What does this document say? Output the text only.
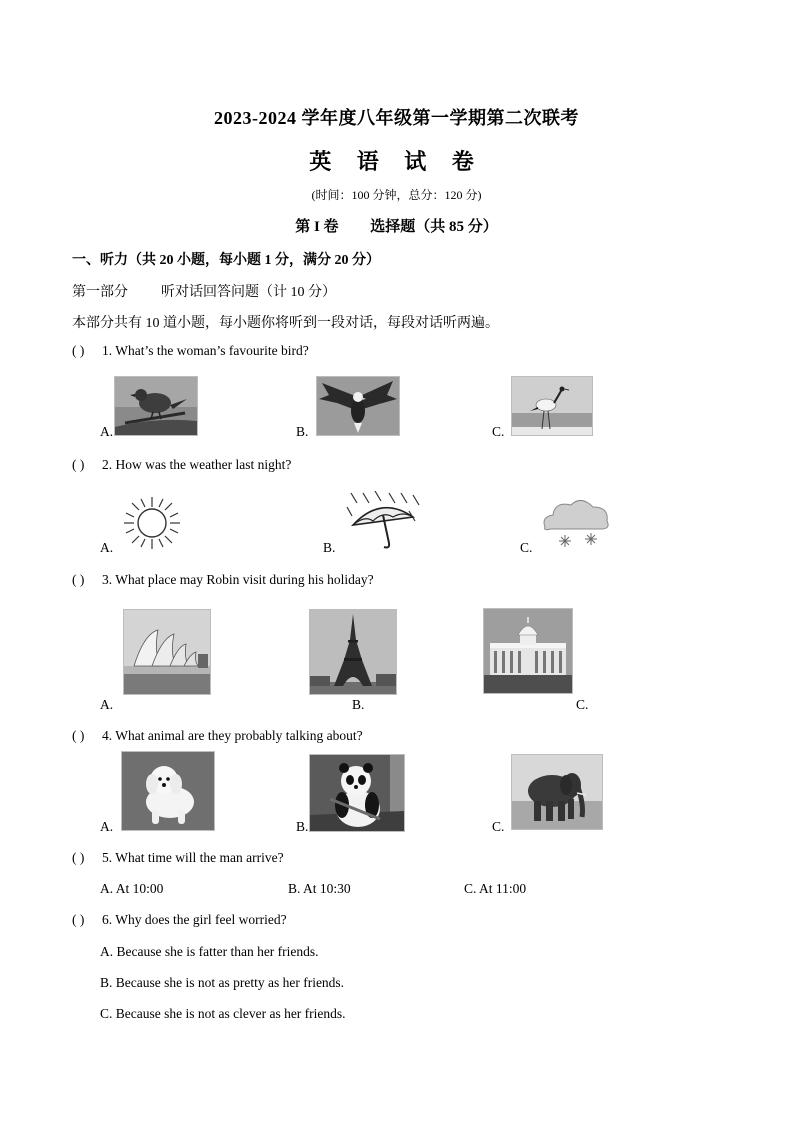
2023-2024 学年度八年级第一学期第二次联考
英 语 试 卷
(时间：100 分钟，总分：120 分)
第 I 卷 选择题（共 85 分）
一、听力（共 20 小题，每小题 1 分，满分 20 分）
第一部分 听对话回答问题（计 10 分）
本部分共有 10 道小题，每小题你将听到一段对话，每段对话听两遍。
( ) 1. What’s the woman’s favourite bird?
A.	B.	C.
( ) 2. How was the weather last night?
A.	B.	C.
( ) 3. What place may Robin visit during his holiday?
A.	B.	C.
( ) 4. What animal are they probably talking about?
A.	B.	C.
( ) 5. What time will the man arrive?
A. At 10:00	B. At 10:30	C. At 11:00
( ) 6. Why does the girl feel worried?
A. Because she is fatter than her friends.
B. Because she is not as pretty as her friends.
C. Because she is not as clever as her friends.
